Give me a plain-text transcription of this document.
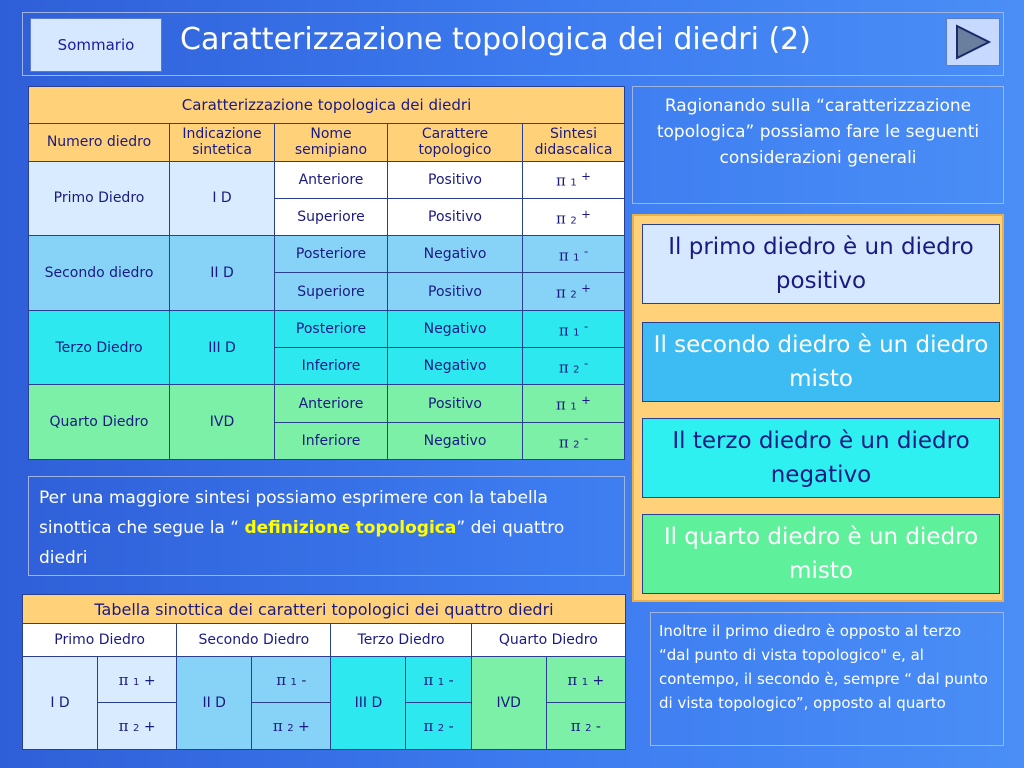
Sommario	Caratterizzazione topologica dei diedri (2)
Caratterizzazione topologica dei diedri				
Numero diedro	Indicazione sintetica	Nome semipiano	Carattere topologico	Sintesi didascalica
Primo Diedro	I D	Anteriore	Positivo	π 1 +
		Superiore	Positivo	π 2 +
Secondo diedro	II D	Posteriore	Negativo	π 1 -
		Superiore	Positivo	π 2 +
Terzo Diedro	III D	Posteriore	Negativo	π 1 -
		Inferiore	Negativo	π 2 -
Quarto Diedro	IVD	Anteriore	Positivo	π 1 +
		Inferiore	Negativo	π 2 -
Ragionando sulla “caratterizzazione topologica” possiamo fare le seguenti considerazioni generali
Il primo diedro è un diedro positivo
Il secondo diedro è un diedro misto
Il terzo diedro è un diedro negativo
Il quarto diedro è un diedro misto
Per una maggiore sintesi possiamo esprimere con la tabella sinottica che segue la “ definizione topologica” dei quattro diedri
Tabella sinottica dei caratteri topologici dei quattro diedri							
Primo Diedro		Secondo Diedro		Terzo Diedro		Quarto Diedro	
I D	π 1 +	II D	π 1 -	III D	π 1 -	IVD	π 1 +
	π 2 +		π 2 +		π 2 -		π 2 -
Inoltre il primo diedro è opposto al terzo “dal punto di vista topologico" e, al contempo, il secondo è, sempre “ dal punto di vista topologico”, opposto al quarto
